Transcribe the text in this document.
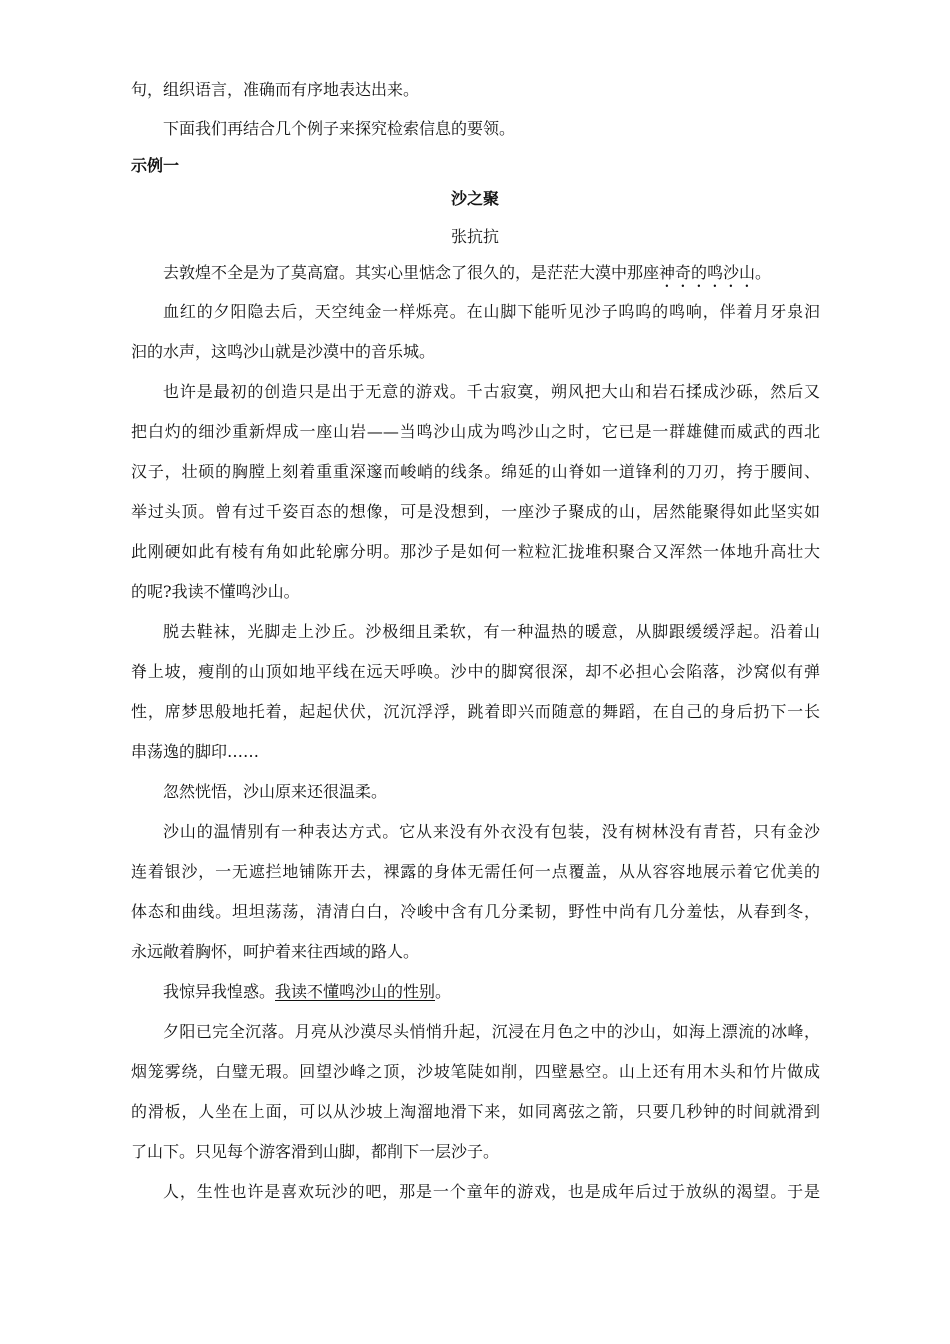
句，组织语言，准确而有序地表达出来。
下面我们再结合几个例子来探究检索信息的要领。
示例一
沙之聚
张抗抗
去敦煌不全是为了莫高窟。其实心里惦念了很久的，是茫茫大漠中那座神奇的鸣沙山。
血红的夕阳隐去后，天空纯金一样烁亮。在山脚下能听见沙子呜呜的鸣响，伴着月牙泉汩
汩的水声，这鸣沙山就是沙漠中的音乐城。
也许是最初的创造只是出于无意的游戏。千古寂寞，朔风把大山和岩石揉成沙砾，然后又
把白灼的细沙重新焊成一座山岩——当鸣沙山成为鸣沙山之时，它已是一群雄健而威武的西北
汉子，壮硕的胸膛上刻着重重深邃而峻峭的线条。绵延的山脊如一道锋利的刀刃，挎于腰间、
举过头顶。曾有过千姿百态的想像，可是没想到，一座沙子聚成的山，居然能聚得如此坚实如
此刚硬如此有棱有角如此轮廓分明。那沙子是如何一粒粒汇拢堆积聚合又浑然一体地升高壮大
的呢?我读不懂鸣沙山。
脱去鞋袜，光脚走上沙丘。沙极细且柔软，有一种温热的暖意，从脚跟缓缓浮起。沿着山
脊上坡，瘦削的山顶如地平线在远天呼唤。沙中的脚窝很深，却不必担心会陷落，沙窝似有弹
性，席梦思般地托着，起起伏伏，沉沉浮浮，跳着即兴而随意的舞蹈，在自己的身后扔下一长
串荡逸的脚印……
忽然恍悟，沙山原来还很温柔。
沙山的温情别有一种表达方式。它从来没有外衣没有包装，没有树林没有青苔，只有金沙
连着银沙，一无遮拦地铺陈开去，裸露的身体无需任何一点覆盖，从从容容地展示着它优美的
体态和曲线。坦坦荡荡，清清白白，冷峻中含有几分柔韧，野性中尚有几分羞怯，从春到冬，
永远敞着胸怀，呵护着来往西域的路人。
我惊异我惶惑。我读不懂鸣沙山的性别。
夕阳已完全沉落。月亮从沙漠尽头悄悄升起，沉浸在月色之中的沙山，如海上漂流的冰峰，
烟笼雾绕，白璧无瑕。回望沙峰之顶，沙坡笔陡如削，四壁悬空。山上还有用木头和竹片做成
的滑板，人坐在上面，可以从沙坡上淘溜地滑下来，如同离弦之箭，只要几秒钟的时间就滑到
了山下。只见每个游客滑到山脚，都削下一层沙子。
人，生性也许是喜欢玩沙的吧，那是一个童年的游戏，也是成年后过于放纵的渴望。于是
